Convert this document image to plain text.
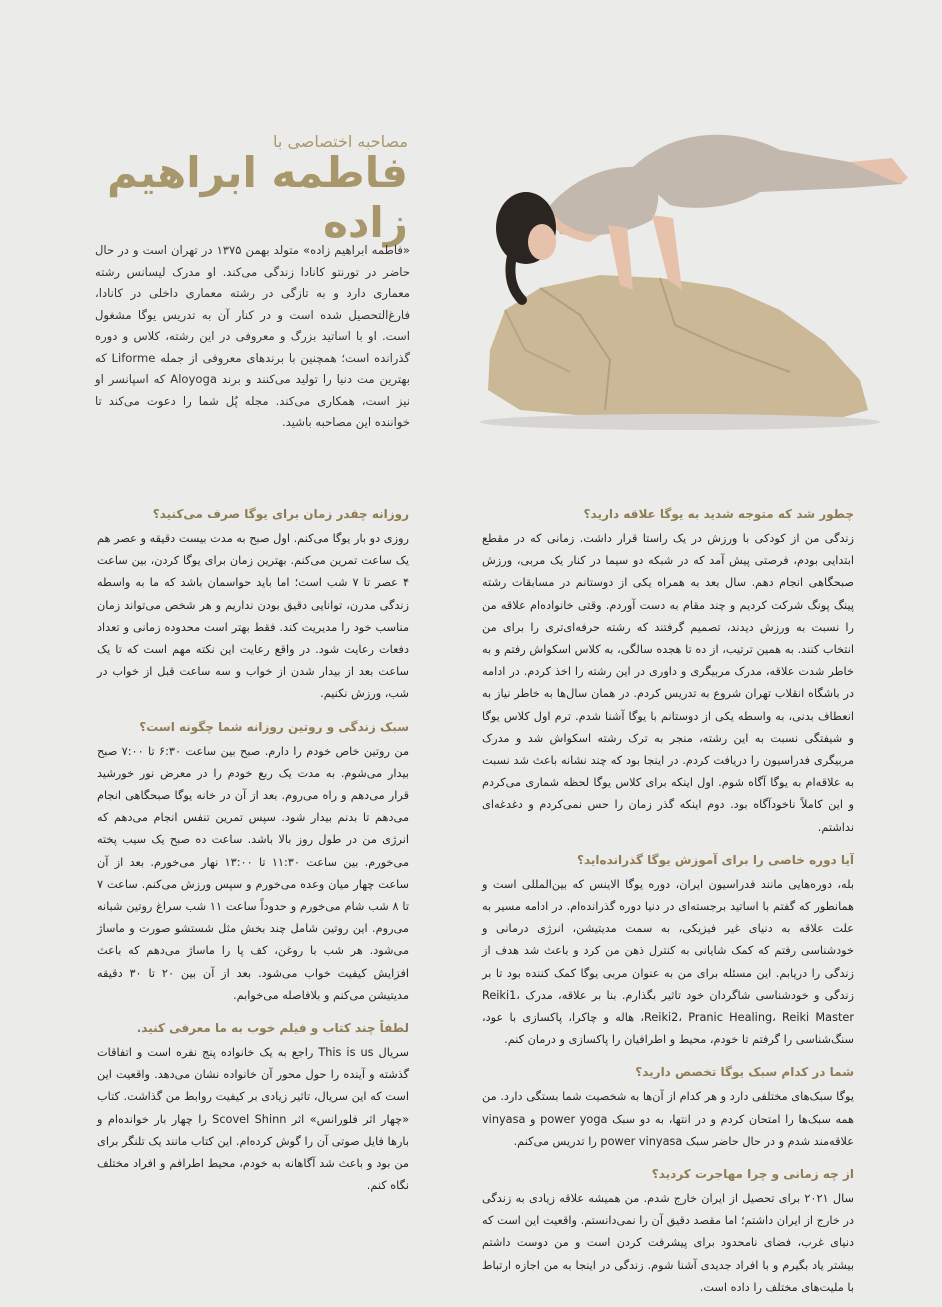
مصاحبه اختصاصی با
فاطمه ابراهیم زاده
«فاطمه ابراهیم زاده» متولد بهمن ۱۳۷۵ در تهران است و در حال حاضر در تورنتو کانادا زندگی می‌کند. او مدرک لیسانس رشته معماری دارد و به تازگی در رشته معماری داخلی در کانادا، فارغ‌التحصیل شده است و در کنار آن به تدریس یوگا مشغول است. او با اساتید بزرگ و معروفی در این رشته، کلاس و دوره گذرانده است؛ همچنین با برندهای معروفی از جمله Liforme که بهترین مت دنیا را تولید می‌کنند و برند Aloyoga که اسپانسر او نیز است، همکاری می‌کند. مجله پُل شما را دعوت می‌کند تا خواننده این مصاحبه باشید.
چطور شد که متوجه شدید به یوگا علاقه دارید؟
زندگی من از کودکی با ورزش در یک راستا قرار داشت. زمانی که در مقطع ابتدایی بودم، فرصتی پیش آمد که در شبکه دو سیما در کنار یک مربی، ورزش صبحگاهی انجام دهم. سال بعد به همراه یکی از دوستانم در مسابقات رشته پینگ پونگ شرکت کردیم و چند مقام به دست آوردم. وقتی خانواده‌ام علاقه من را نسبت به ورزش دیدند، تصمیم گرفتند که رشته حرفه‌ای‌تری را برای من انتخاب کنند. به همین ترتیب، از ده تا هجده سالگی، به کلاس اسکواش رفتم و به خاطر شدت علاقه، مدرک مربیگری و داوری در این رشته را اخذ کردم. در ادامه در باشگاه انقلاب تهران شروع به تدریس کردم. در همان سال‌ها به خاطر نیاز به انعطاف بدنی، به واسطه یکی از دوستانم با یوگا آشنا شدم. ترم اول کلاس یوگا و شیفتگی نسبت به این رشته، منجر به ترک رشته اسکواش شد و مدرک مربیگری فدراسیون را دریافت کردم. در اینجا بود که چند نشانه باعث شد نسبت به علاقه‌ام به یوگا آگاه شوم. اول اینکه برای کلاس یوگا لحظه شماری می‌کردم و این کاملاً ناخودآگاه بود. دوم اینکه گذر زمان را حس نمی‌کردم و دغدغه‌ای نداشتم.
آیا دوره خاصی را برای آموزش یوگا گذرانده‌اید؟
بله، دوره‌هایی مانند فدراسیون ایران، دوره یوگا الاینس که بین‌المللی است و همانطور که گفتم با اساتید برجسته‌ای در دنیا دوره گذرانده‌ام. در ادامه مسیر به علت علاقه به دنیای غیر فیزیکی، به سمت مدیتیشن، انرژی درمانی و خودشناسی رفتم که کمک شایانی به کنترل ذهن من کرد و باعث شد هدف از زندگی را دریابم. این مسئله برای من به عنوان مربی یوگا کمک کننده بود تا بر زندگی و خودشناسی شاگردان خود تاثیر بگذارم. بنا بر علاقه، مدرک Reiki1، Reiki2، Pranic Healing، Reiki Master، هاله و چاکرا، پاکسازی با عود، سنگ‌شناسی را گرفتم تا خودم، محیط و اطرافیان را پاکسازی و درمان کنم.
شما در کدام سبک یوگا تخصص دارید؟
یوگا سبک‌های مختلفی دارد و هر کدام از آن‌ها به شخصیت شما بستگی دارد. من همه سبک‌ها را امتحان کردم و در انتها، به دو سبک power yoga و vinyasa علاقه‌مند شدم و در حال حاضر سبک power vinyasa را تدریس می‌کنم.
از چه زمانی و چرا مهاجرت کردید؟
سال ۲۰۲۱ برای تحصیل از ایران خارج شدم. من همیشه علاقه زیادی به زندگی در خارج از ایران داشتم؛ اما مقصد دقیق آن را نمی‌دانستم. واقعیت این است که دنیای غرب، فضای نامحدود برای پیشرفت کردن است و من دوست داشتم بیشتر یاد بگیرم و با افراد جدیدی آشنا شوم. زندگی در اینجا به من اجازه ارتباط با ملیت‌های مختلف را داده است.
روزانه چقدر زمان برای یوگا صرف می‌کنید؟
روزی دو بار یوگا می‌کنم. اول صبح به مدت بیست دقیقه و عصر هم یک ساعت تمرین می‌کنم. بهترین زمان برای یوگا کردن، بین ساعت ۴ عصر تا ۷ شب است؛ اما باید حواسمان باشد که ما به واسطه زندگی مدرن، توانایی دقیق بودن نداریم و هر شخص می‌تواند زمان مناسب خود را مدیریت کند. فقط بهتر است محدوده زمانی و تعداد دفعات رعایت شود. در واقع رعایت این نکته مهم است که تا یک ساعت بعد از بیدار شدن از خواب و سه ساعت قبل از خواب در شب، ورزش نکنیم.
سبک زندگی و روتین روزانه شما چگونه است؟
من روتین خاص خودم را دارم. صبح بین ساعت ۶:۳۰ تا ۷:۰۰ صبح بیدار می‌شوم. به مدت یک ربع خودم را در معرض نور خورشید قرار می‌دهم و راه می‌روم. بعد از آن در خانه یوگا صبحگاهی انجام می‌دهم تا بدنم بیدار شود. سپس تمرین تنفس انجام می‌دهم که انرژی من در طول روز بالا باشد. ساعت ده صبح یک سیب پخته می‌خورم. بین ساعت ۱۱:۳۰ تا ۱۳:۰۰ نهار می‌خورم. بعد از آن ساعت چهار میان وعده می‌خورم و سپس ورزش می‌کنم. ساعت ۷ تا ۸ شب شام می‌خورم و حدوداً ساعت ۱۱ شب سراغ روتین شبانه می‌روم. این روتین شامل چند بخش مثل شستشو صورت و ماساژ می‌شود. هر شب با روغن، کف پا را ماساژ می‌دهم که باعث افزایش کیفیت خواب می‌شود. بعد از آن بین ۲۰ تا ۳۰ دقیقه مدیتیشن می‌کنم و بلافاصله می‌خوابم.
لطفاً چند کتاب و فیلم خوب به ما معرفی کنید.
سریال This is us راجع به یک خانواده پنج نفره است و اتفاقات گذشته و آینده را حول محور آن خانواده نشان می‌دهد. واقعیت این است که این سریال، تاثیر زیادی بر کیفیت روابط من گذاشت. کتاب «چهار اثر فلورانس» اثر Scovel Shinn را چهار بار خوانده‌ام و بارها فایل صوتی آن را گوش کرده‌ام. این کتاب مانند یک تلنگر برای من بود و باعث شد آگاهانه به خودم، محیط اطرافم و افراد مختلف نگاه کنم.
